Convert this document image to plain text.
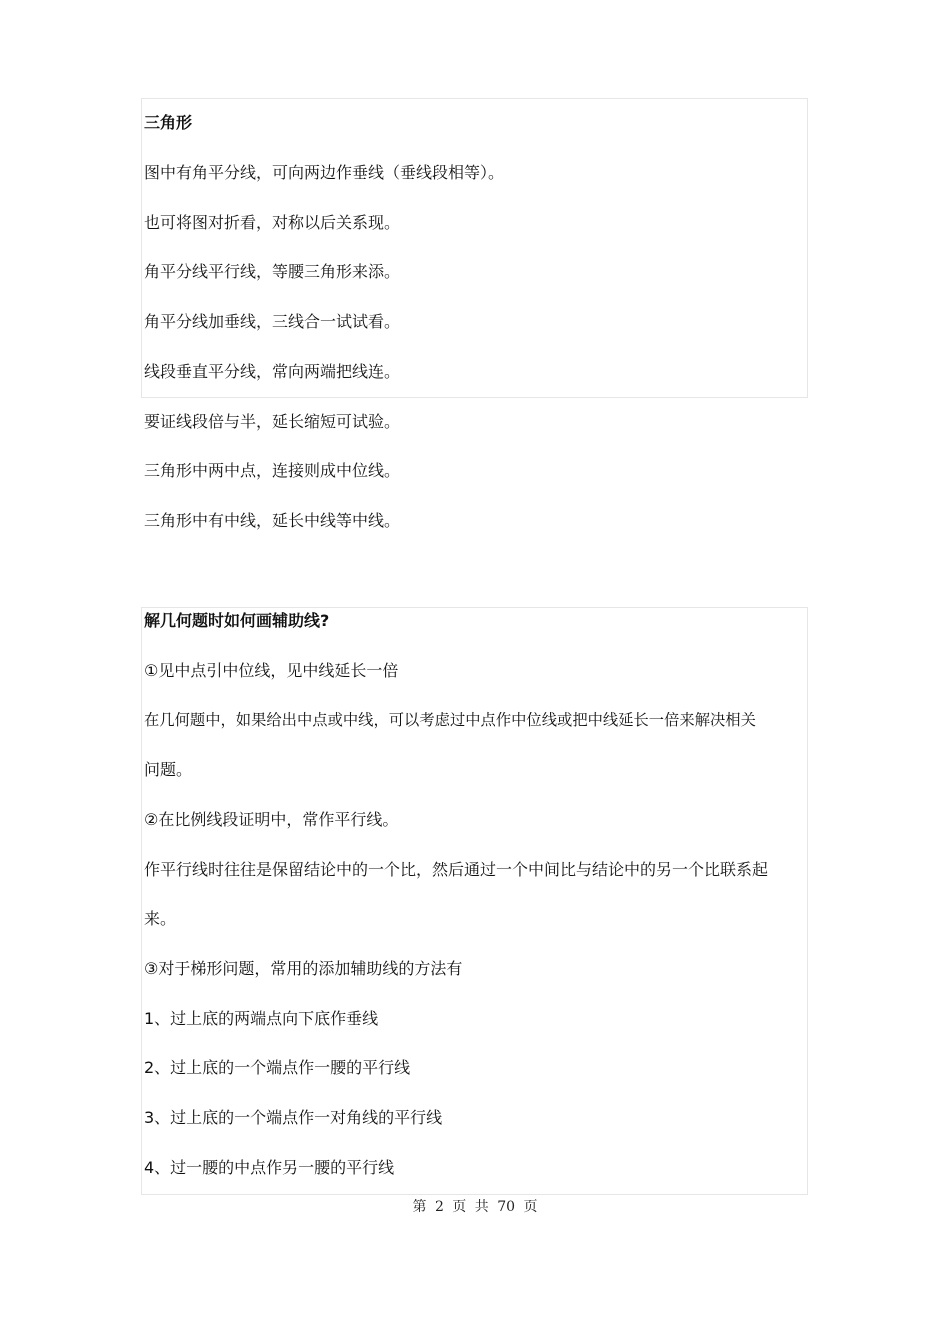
三角形
图中有角平分线，可向两边作垂线（垂线段相等）。
也可将图对折看，对称以后关系现。
角平分线平行线，等腰三角形来添。
角平分线加垂线，三线合一试试看。
线段垂直平分线，常向两端把线连。
要证线段倍与半，延长缩短可试验。
三角形中两中点，连接则成中位线。
三角形中有中线，延长中线等中线。
解几何题时如何画辅助线?
①见中点引中位线，见中线延长一倍
在几何题中，如果给出中点或中线，可以考虑过中点作中位线或把中线延长一倍来解决相关
问题。
②在比例线段证明中，常作平行线。
作平行线时往往是保留结论中的一个比，然后通过一个中间比与结论中的另一个比联系起
来。
③对于梯形问题，常用的添加辅助线的方法有
1、过上底的两端点向下底作垂线
2、过上底的一个端点作一腰的平行线
3、过上底的一个端点作一对角线的平行线
4、过一腰的中点作另一腰的平行线
第 2 页 共 70 页
